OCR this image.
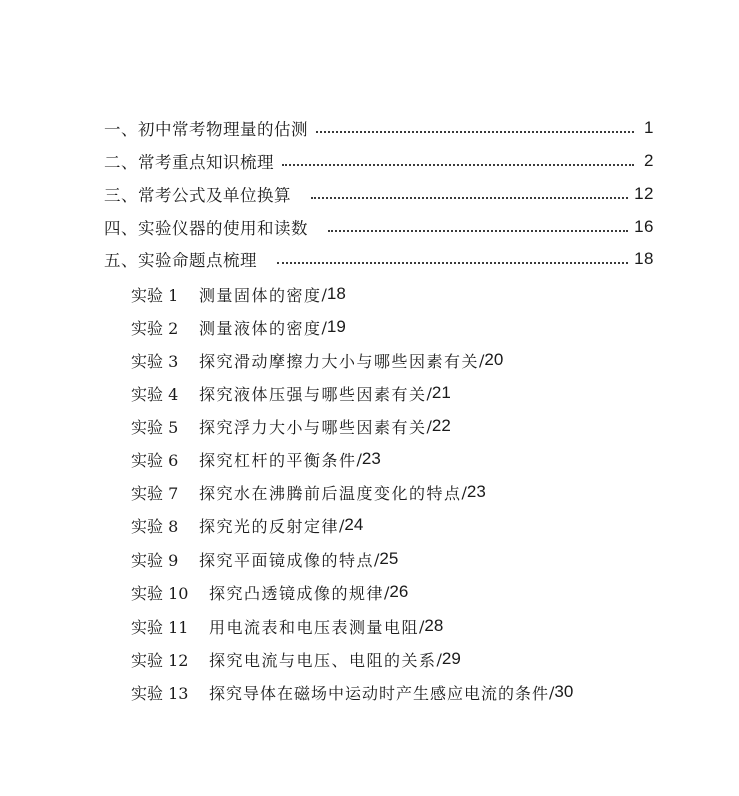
一、初中常考物理量的估测	1
二、常考重点知识梳理	2
三、常考公式及单位换算	12
四、实验仪器的使用和读数	16
五、实验命题点梳理	18
实验 1	测量固体的密度 / 18
实验 2	测量液体的密度 / 19
实验 3	探究滑动摩擦力大小与哪些因素有关 / 20
实验 4	探究液体压强与哪些因素有关 / 21
实验 5	探究浮力大小与哪些因素有关 / 22
实验 6	探究杠杆的平衡条件 / 23
实验 7	探究水在沸腾前后温度变化的特点 / 23
实验 8	探究光的反射定律 / 24
实验 9	探究平面镜成像的特点 / 25
实验 10	探究凸透镜成像的规律 / 26
实验 11	用电流表和电压表测量电阻 / 28
实验 12	探究电流与电压、电阻的关系 / 29
实验 13	探究导体在磁场中运动时产生感应电流的条件 / 30
